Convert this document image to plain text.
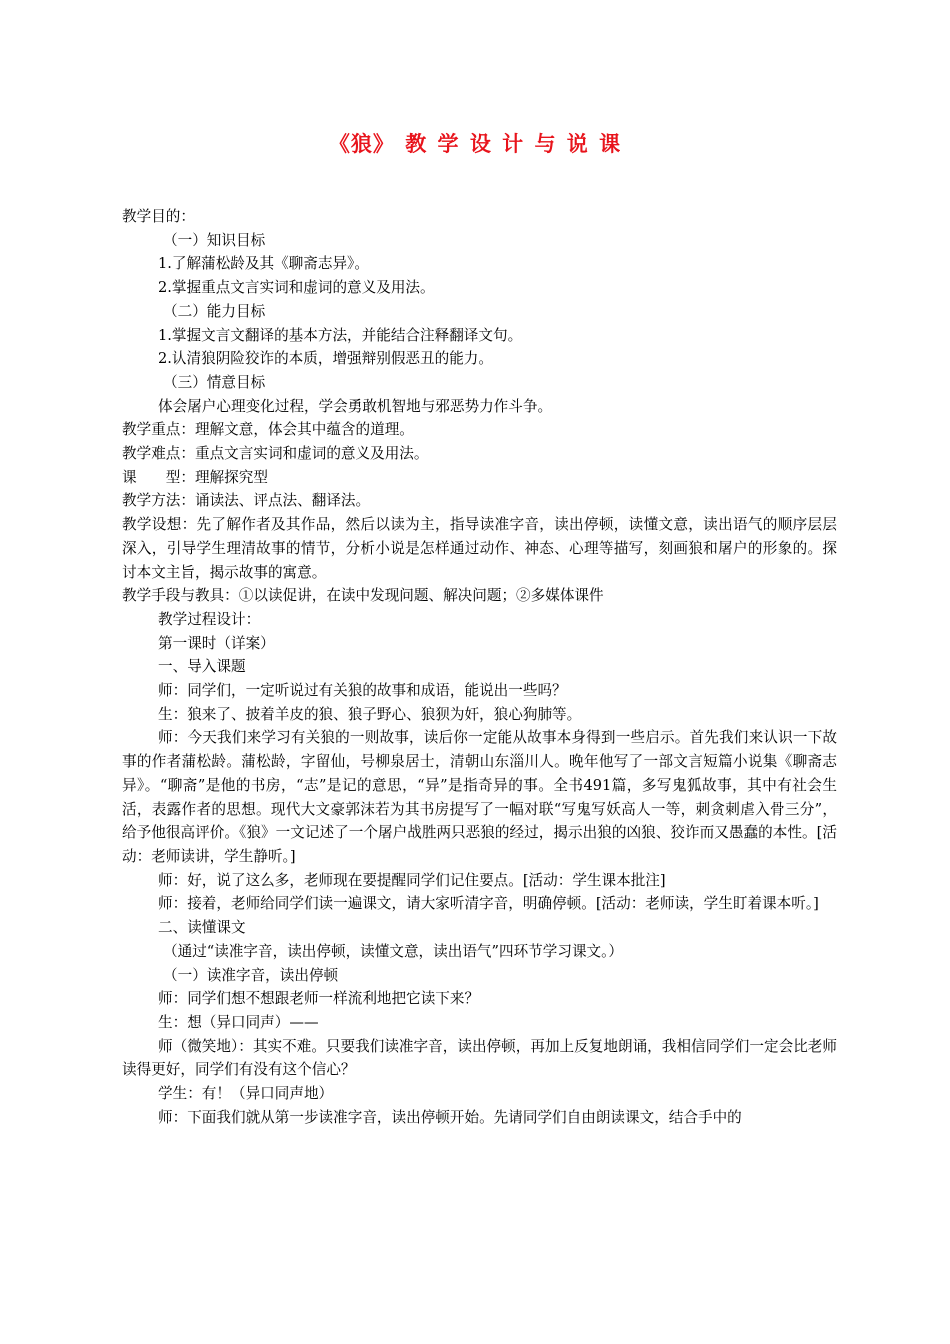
《狼》 教 学 设 计 与 说 课

教学目的：

（一）知识目标

1.了解蒲松龄及其《聊斋志异》。

2.掌握重点文言实词和虚词的意义及用法。

（二）能力目标

1.掌握文言文翻译的基本方法，并能结合注释翻译文句。

2.认清狼阴险狡诈的本质，增强辩别假恶丑的能力。

（三）情意目标

体会屠户心理变化过程，学会勇敢机智地与邪恶势力作斗争。

教学重点：理解文意，体会其中蕴含的道理。

教学难点：重点文言实词和虚词的意义及用法。

课　　型：理解探究型

教学方法：诵读法、评点法、翻译法。

教学设想：先了解作者及其作品，然后以读为主，指导读准字音，读出停顿，读懂文意，读出语气的顺序层层深入，引导学生理清故事的情节，分析小说是怎样通过动作、神态、心理等描写，刻画狼和屠户的形象的。探讨本文主旨，揭示故事的寓意。

教学手段与教具：①以读促讲，在读中发现问题、解决问题；②多媒体课件

教学过程设计：

第一课时（详案）

一、导入课题

师：同学们，一定听说过有关狼的故事和成语，能说出一些吗？

生：狼来了、披着羊皮的狼、狼子野心、狼狈为奸，狼心狗肺等。

师：今天我们来学习有关狼的一则故事，读后你一定能从故事本身得到一些启示。首先我们来认识一下故事的作者蒲松龄。蒲松龄，字留仙，号柳泉居士，清朝山东淄川人。晚年他写了一部文言短篇小说集《聊斋志异》。“聊斋”是他的书房，“志”是记的意思，“异”是指奇异的事。全书491篇，多写鬼狐故事，其中有社会生活，表露作者的思想。现代大文豪郭沫若为其书房提写了一幅对联“写鬼写妖高人一等，刺贪刺虐入骨三分”，给予他很高评价。《狼》一文记述了一个屠户战胜两只恶狼的经过，揭示出狼的凶狼、狡诈而又愚蠢的本性。[活动：老师读讲，学生静听。]

师：好，说了这么多，老师现在要提醒同学们记住要点。[活动：学生课本批注]

师：接着，老师给同学们读一遍课文，请大家听清字音，明确停顿。[活动：老师读，学生盯着课本听。]

二、读懂课文

（通过“读准字音，读出停顿，读懂文意，读出语气”四环节学习课文。）

（一）读准字音，读出停顿

师：同学们想不想跟老师一样流利地把它读下来？

生：想（异口同声）——

师（微笑地）：其实不难。只要我们读准字音，读出停顿，再加上反复地朗诵，我相信同学们一定会比老师读得更好，同学们有没有这个信心？

学生：有！（异口同声地）

师：下面我们就从第一步读准字音，读出停顿开始。先请同学们自由朗读课文，结合手中的
